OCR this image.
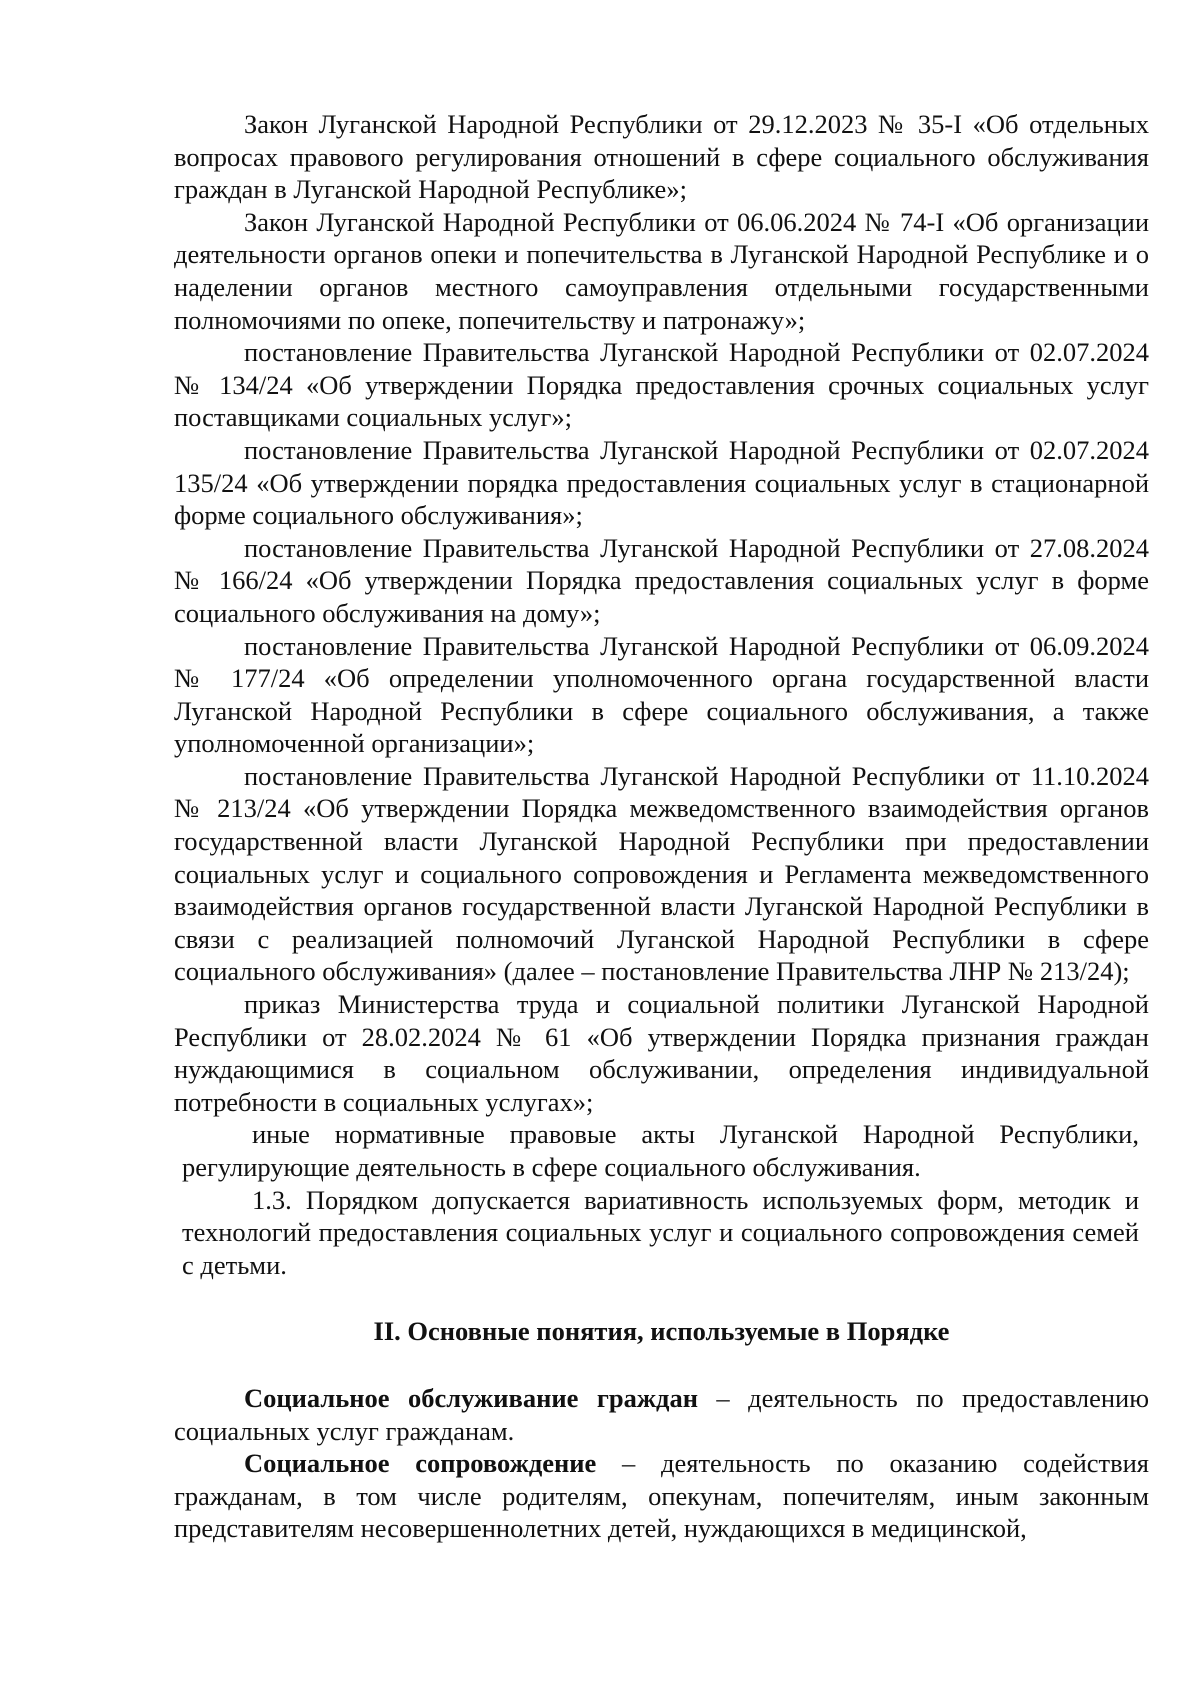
Закон Луганской Народной Республики от 29.12.2023 № 35-I «Об отдельных вопросах правового регулирования отношений в сфере социального обслуживания граждан в Луганской Народной Республике»;

Закон Луганской Народной Республики от 06.06.2024 № 74-I «Об организации деятельности органов опеки и попечительства в Луганской Народной Республике и о наделении органов местного самоуправления отдельными государственными полномочиями по опеке, попечительству и патронажу»;

постановление Правительства Луганской Народной Республики от 02.07.2024 № 134/24 «Об утверждении Порядка предоставления срочных социальных услуг поставщиками социальных услуг»;

постановление Правительства Луганской Народной Республики от 02.07.2024 135/24 «Об утверждении порядка предоставления социальных услуг в стационарной форме социального обслуживания»;

постановление Правительства Луганской Народной Республики от 27.08.2024 № 166/24 «Об утверждении Порядка предоставления социальных услуг в форме социального обслуживания на дому»;

постановление Правительства Луганской Народной Республики от 06.09.2024 № 177/24 «Об определении уполномоченного органа государственной власти Луганской Народной Республики в сфере социального обслуживания, а также уполномоченной организации»;

постановление Правительства Луганской Народной Республики от 11.10.2024 № 213/24 «Об утверждении Порядка межведомственного взаимодействия органов государственной власти Луганской Народной Республики при предоставлении социальных услуг и социального сопровождения и Регламента межведомственного взаимодействия органов государственной власти Луганской Народной Республики в связи с реализацией полномочий Луганской Народной Республики в сфере социального обслуживания» (далее – постановление Правительства ЛНР № 213/24);

приказ Министерства труда и социальной политики Луганской Народной Республики от 28.02.2024 № 61 «Об утверждении Порядка признания граждан нуждающимися в социальном обслуживании, определения индивидуальной потребности в социальных услугах»;

иные нормативные правовые акты Луганской Народной Республики, регулирующие деятельность в сфере социального обслуживания.

1.3. Порядком допускается вариативность используемых форм, методик и технологий предоставления социальных услуг и социального сопровождения семей с детьми.

II. Основные понятия, используемые в Порядке

Социальное обслуживание граждан – деятельность по предоставлению социальных услуг гражданам.

Социальное сопровождение – деятельность по оказанию содействия гражданам, в том числе родителям, опекунам, попечителям, иным законным представителям несовершеннолетних детей, нуждающихся в медицинской,
